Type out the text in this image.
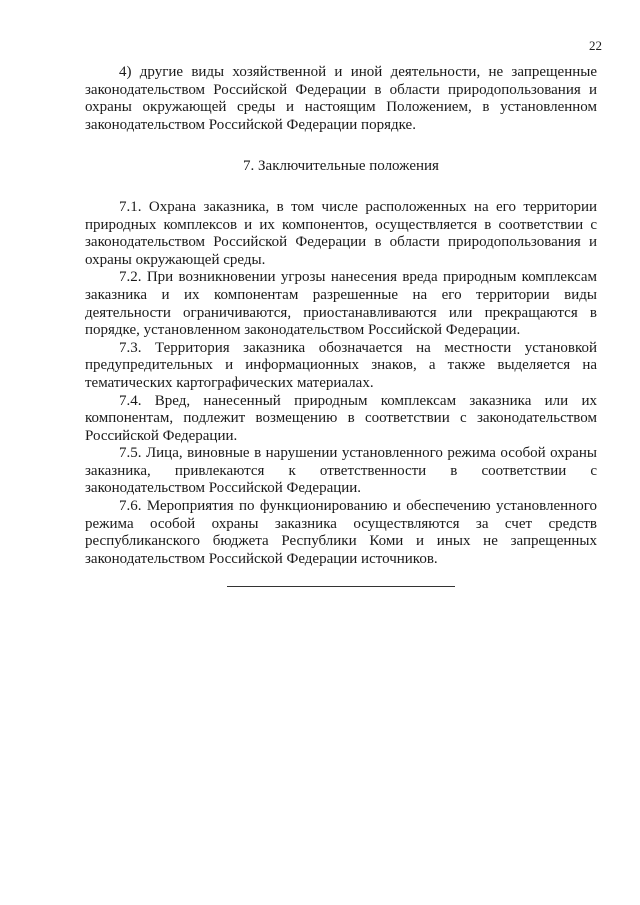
22

4) другие виды хозяйственной и иной деятельности, не запрещенные законодательством Российской Федерации в области природопользования и охраны окружающей среды и настоящим Положением, в установленном законодательством Российской Федерации порядке.

7. Заключительные положения

7.1. Охрана заказника, в том числе расположенных на его территории природных комплексов и их компонентов, осуществляется в соответствии с законодательством Российской Федерации в области природопользования и охраны окружающей среды.

7.2. При возникновении угрозы нанесения вреда природным комплексам заказника и их компонентам разрешенные на его территории виды деятельности ограничиваются, приостанавливаются или прекращаются в порядке, установленном законодательством Российской Федерации.

7.3. Территория заказника обозначается на местности установкой предупредительных и информационных знаков, а также выделяется на тематических картографических материалах.

7.4. Вред, нанесенный природным комплексам заказника или их компонентам, подлежит возмещению в соответствии с законодательством Российской Федерации.

7.5. Лица, виновные в нарушении установленного режима особой охраны заказника, привлекаются к ответственности в соответствии с законодательством Российской Федерации.

7.6. Мероприятия по функционированию и обеспечению установленного режима особой охраны заказника осуществляются за счет средств республиканского бюджета Республики Коми и иных не запрещенных законодательством Российской Федерации источников.
